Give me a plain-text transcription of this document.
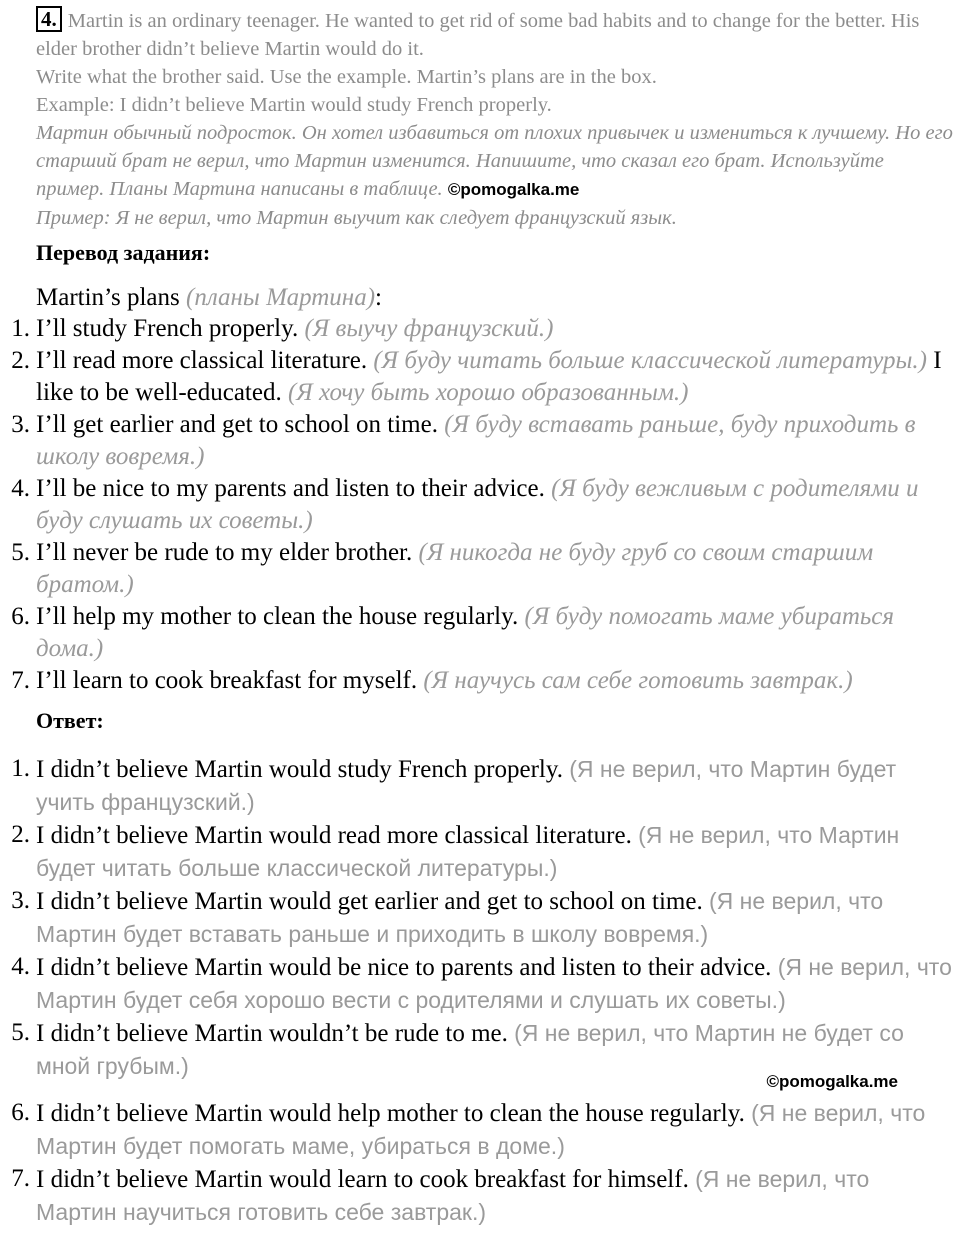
4. Martin is an ordinary teenager. He wanted to get rid of some bad habits and to change for the better. His elder brother didn’t believe Martin would do it.
Write what the brother said. Use the example. Martin’s plans are in the box.
Example: I didn’t believe Martin would study French properly.
Мартин обычный подросток. Он хотел избавиться от плохих привычек и измениться к лучшему. Но его старший брат не верил, что Мартин изменится. Напишите, что сказал его брат. Используйте пример. Планы Мартина написаны в таблице. ©pomogalka.me
Пример: Я не верил, что Мартин выучит как следует французский язык.
Перевод задания:
Martin’s plans (планы Мартина):
1. I’ll study French properly. (Я выучу французский.)
2. I’ll read more classical literature. (Я буду читать больше классической литературы.) I like to be well-educated. (Я хочу быть хорошо образованным.)
3. I’ll get earlier and get to school on time. (Я буду вставать раньше, буду приходить в школу вовремя.)
4. I’ll be nice to my parents and listen to their advice. (Я буду вежливым с родителями и буду слушать их советы.)
5. I’ll never be rude to my elder brother. (Я никогда не буду груб со своим старшим братом.)
6. I’ll help my mother to clean the house regularly. (Я буду помогать маме убираться дома.)
7. I’ll learn to cook breakfast for myself. (Я научусь сам себе готовить завтрак.)
Ответ:
1. I didn’t believe Martin would study French properly. (Я не верил, что Мартин будет учить французский.)
2. I didn’t believe Martin would read more classical literature. (Я не верил, что Мартин будет читать больше классической литературы.)
3. I didn’t believe Martin would get earlier and get to school on time. (Я не верил, что Мартин будет вставать раньше и приходить в школу вовремя.)
4. I didn’t believe Martin would be nice to parents and listen to their advice. (Я не верил, что Мартин будет себя хорошо вести с родителями и слушать их советы.)
5. I didn’t believe Martin wouldn’t be rude to me. (Я не верил, что Мартин не будет со мной грубым.)
6. I didn’t believe Martin would help mother to clean the house regularly. (Я не верил, что Мартин будет помогать маме, убираться в доме.)
7. I didn’t believe Martin would learn to cook breakfast for himself. (Я не верил, что Мартин научиться готовить себе завтрак.)
©pomogalka.me
